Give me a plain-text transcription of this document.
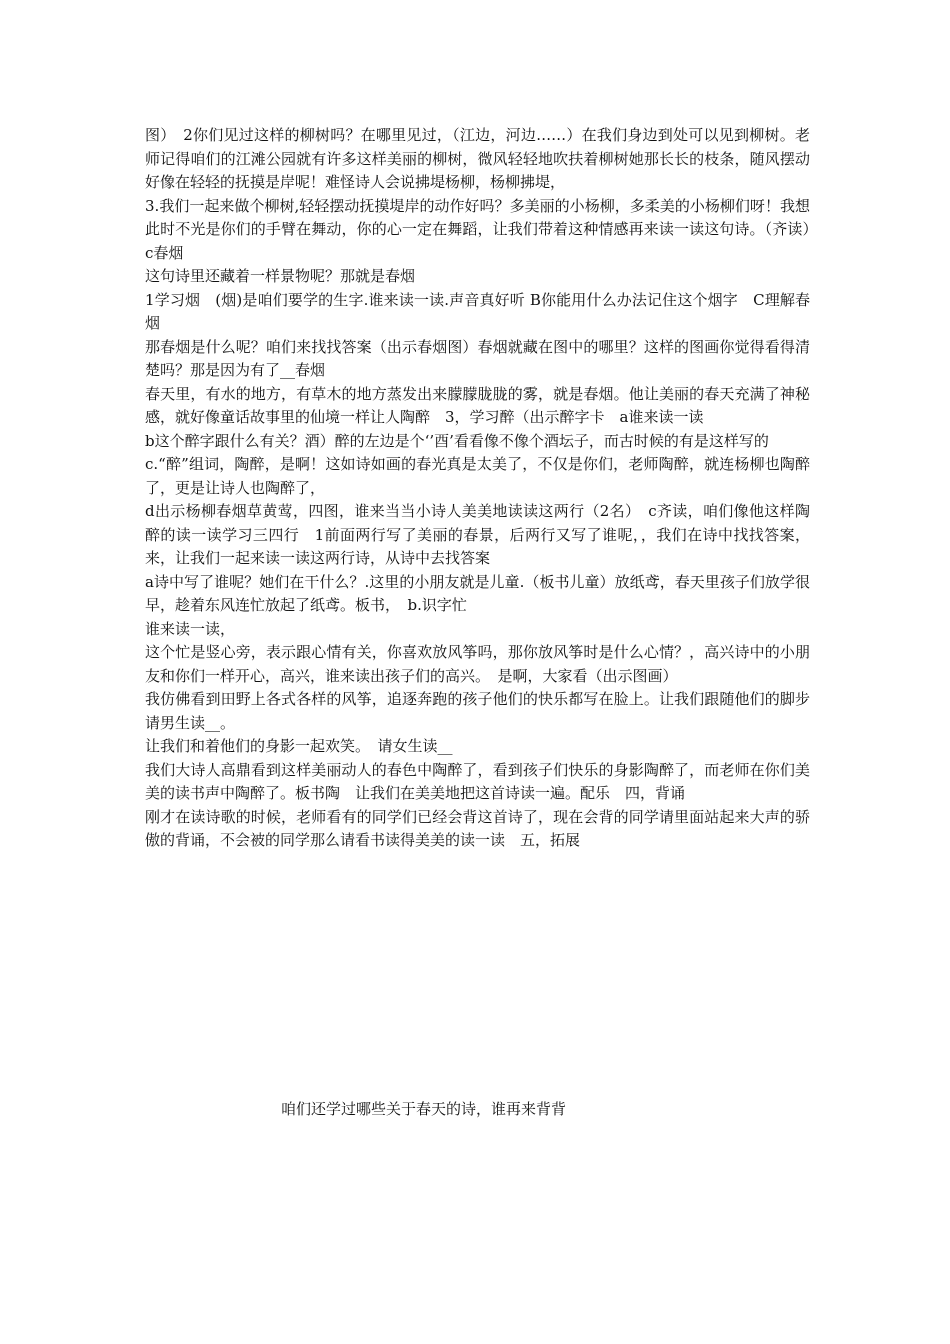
图）　2你们见过这样的柳树吗？在哪里见过，（江边，河边……）在我们身边到处可以见到柳树。老师记得咱们的江滩公园就有许多这样美丽的柳树，微风轻轻地吹扶着柳树她那长长的枝条，随风摆动好像在轻轻的抚摸是岸呢！难怪诗人会说拂堤杨柳，杨柳拂堤，

3.我们一起来做个柳树,轻轻摆动抚摸堤岸的动作好吗？多美丽的小杨柳，多柔美的小杨柳们呀！我想此时不光是你们的手臂在舞动，你的心一定在舞蹈，让我们带着这种情感再来读一读这句诗。（齐读）　c春烟

这句诗里还藏着一样景物呢？那就是春烟

1学习烟　(烟)是咱们要学的生字.谁来读一读.声音真好听 B你能用什么办法记住这个烟字　C理解春烟

那春烟是什么呢？咱们来找找答案（出示春烟图）春烟就藏在图中的哪里？这样的图画你觉得看得清楚吗？那是因为有了__春烟

春天里，有水的地方，有草木的地方蒸发出来朦朦胧胧的雾，就是春烟。他让美丽的春天充满了神秘感，就好像童话故事里的仙境一样让人陶醉　3，学习醉（出示醉字卡　a谁来读一读

b这个醉字跟什么有关？酒）醉的左边是个‘’酉’看看像不像个酒坛子，而古时候的有是这样写的

c.“醉”组词，陶醉，是啊！这如诗如画的春光真是太美了，不仅是你们，老师陶醉，就连杨柳也陶醉了，更是让诗人也陶醉了，

d出示杨柳春烟草黄莺，四图，谁来当当小诗人美美地读读这两行（2名）　c齐读，咱们像他这样陶醉的读一读学习三四行　1前面两行写了美丽的春景，后两行又写了谁呢，，我们在诗中找找答案，来，让我们一起来读一读这两行诗，从诗中去找答案

a诗中写了谁呢？她们在干什么？.这里的小朋友就是儿童.（板书儿童）放纸鸢，春天里孩子们放学很早，趁着东风连忙放起了纸鸢。板书，　b.识字忙

谁来读一读，

这个忙是竖心旁，表示跟心情有关，你喜欢放风筝吗，那你放风筝时是什么心情？，高兴诗中的小朋友和你们一样开心，高兴，谁来读出孩子们的高兴。　是啊，大家看（出示图画）

我仿佛看到田野上各式各样的风筝，追逐奔跑的孩子他们的快乐都写在脸上。让我们跟随他们的脚步请男生读__。

让我们和着他们的身影一起欢笑。　请女生读__

我们大诗人高鼎看到这样美丽动人的春色中陶醉了，看到孩子们快乐的身影陶醉了，而老师在你们美美的读书声中陶醉了。板书陶　让我们在美美地把这首诗读一遍。配乐　四，背诵

刚才在读诗歌的时候，老师看有的同学们已经会背这首诗了，现在会背的同学请里面站起来大声的骄傲的背诵，不会被的同学那么请看书读得美美的读一读　五，拓展

咱们还学过哪些关于春天的诗，谁再来背背
